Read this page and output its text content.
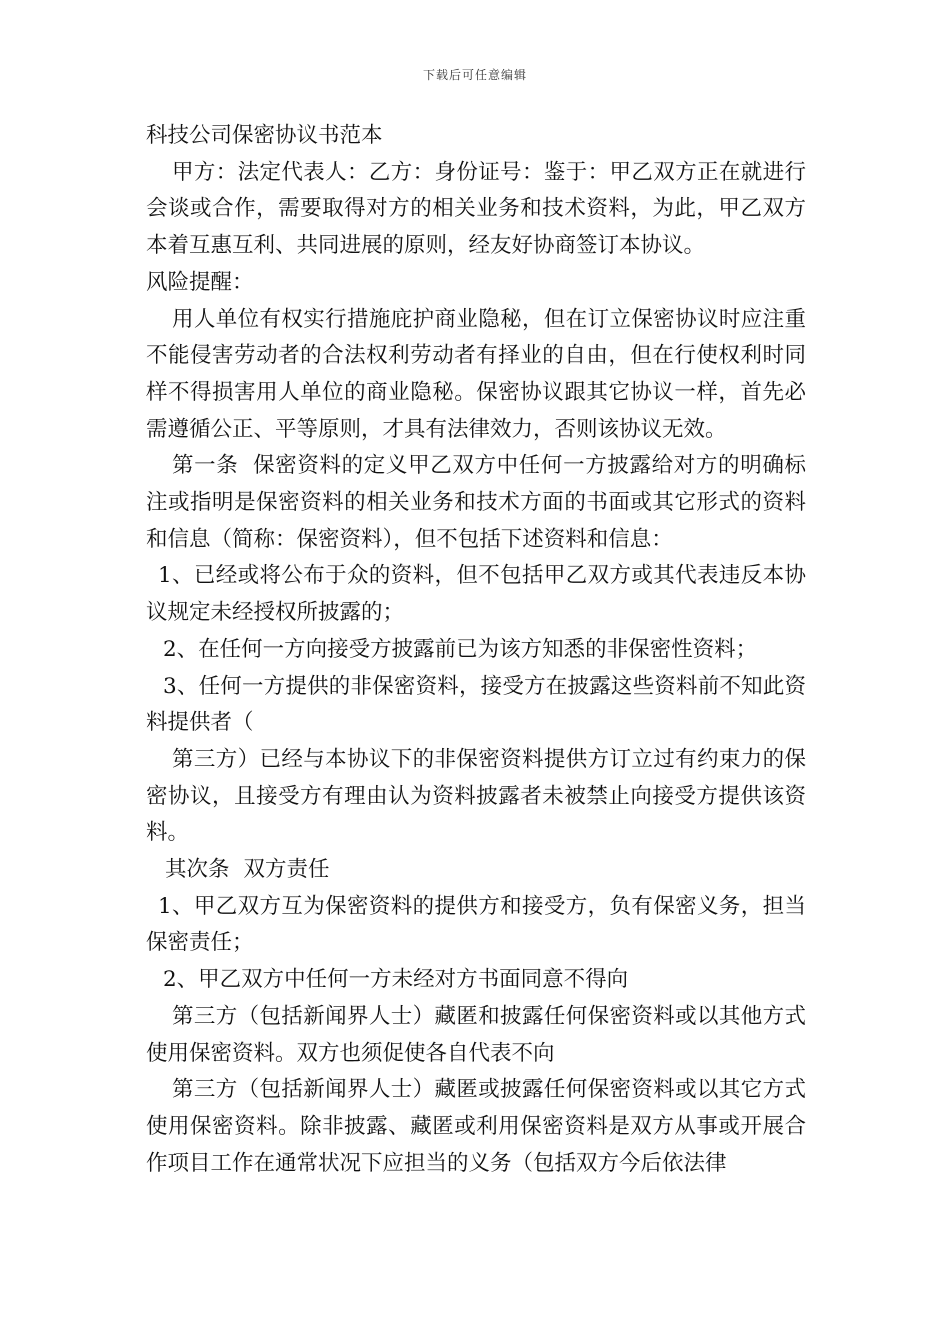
下载后可任意编辑

科技公司保密协议书范本

甲方：法定代表人：乙方：身份证号：鉴于：甲乙双方正在就进行会谈或合作，需要取得对方的相关业务和技术资料，为此，甲乙双方本着互惠互利、共同进展的原则，经友好协商签订本协议。

风险提醒：

用人单位有权实行措施庇护商业隐秘，但在订立保密协议时应注重不能侵害劳动者的合法权利劳动者有择业的自由，但在行使权利时同样不得损害用人单位的商业隐秘。保密协议跟其它协议一样，首先必需遵循公正、平等原则，才具有法律效力，否则该协议无效。

第一条 保密资料的定义甲乙双方中任何一方披露给对方的明确标注或指明是保密资料的相关业务和技术方面的书面或其它形式的资料和信息（简称：保密资料），但不包括下述资料和信息：

1、已经或将公布于众的资料，但不包括甲乙双方或其代表违反本协议规定未经授权所披露的；

2、在任何一方向接受方披露前已为该方知悉的非保密性资料；

3、任何一方提供的非保密资料，接受方在披露这些资料前不知此资料提供者（

第三方）已经与本协议下的非保密资料提供方订立过有约束力的保密协议，且接受方有理由认为资料披露者未被禁止向接受方提供该资料。

其次条 双方责任

1、甲乙双方互为保密资料的提供方和接受方，负有保密义务，担当保密责任；

2、甲乙双方中任何一方未经对方书面同意不得向

第三方（包括新闻界人士）藏匿和披露任何保密资料或以其他方式使用保密资料。双方也须促使各自代表不向

第三方（包括新闻界人士）藏匿或披露任何保密资料或以其它方式使用保密资料。除非披露、藏匿或利用保密资料是双方从事或开展合作项目工作在通常状况下应担当的义务（包括双方今后依法律
